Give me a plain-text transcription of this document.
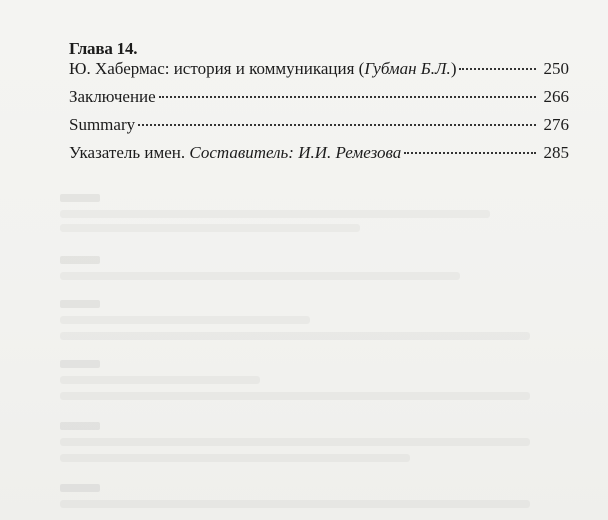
Глава 14.
Ю. Хабермас: история и коммуникация (Губман Б.Л.)	250
Заключение	266
Summary	276
Указатель имен. Составитель: И.И. Ремезова	285
